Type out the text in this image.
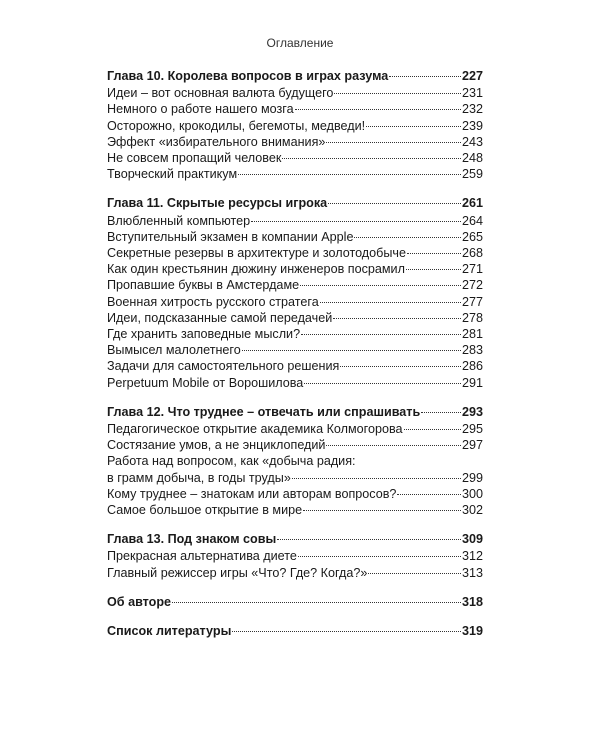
Оглавление
Глава 10. Королева вопросов в играх разума	227
Идеи – вот основная валюта будущего	231
Немного о работе нашего мозга	232
Осторожно, крокодилы, бегемоты, медведи!	239
Эффект «избирательного внимания»	243
Не совсем пропащий человек	248
Творческий практикум	259
Глава 11. Скрытые ресурсы игрока	261
Влюбленный компьютер	264
Вступительный экзамен в компании Apple	265
Секретные резервы в архитектуре и золотодобыче	268
Как один крестьянин дюжину инженеров посрамил	271
Пропавшие буквы в Амстердаме	272
Военная хитрость русского стратега	277
Идеи, подсказанные самой передачей	278
Где хранить заповедные мысли?	281
Вымысел малолетнего	283
Задачи для самостоятельного решения	286
Perpetuum Mobile от Ворошилова	291
Глава 12. Что труднее – отвечать или спрашивать	293
Педагогическое открытие академика Колмогорова	295
Состязание умов, а не энциклопедий	297
Работа над вопросом, как «добыча радия:
в грамм добыча, в годы труды»	299
Кому труднее – знатокам или авторам вопросов?	300
Самое большое открытие в мире	302
Глава 13. Под знаком совы	309
Прекрасная альтернатива диете	312
Главный режиссер игры «Что? Где? Когда?»	313
Об авторе	318
Список литературы	319
